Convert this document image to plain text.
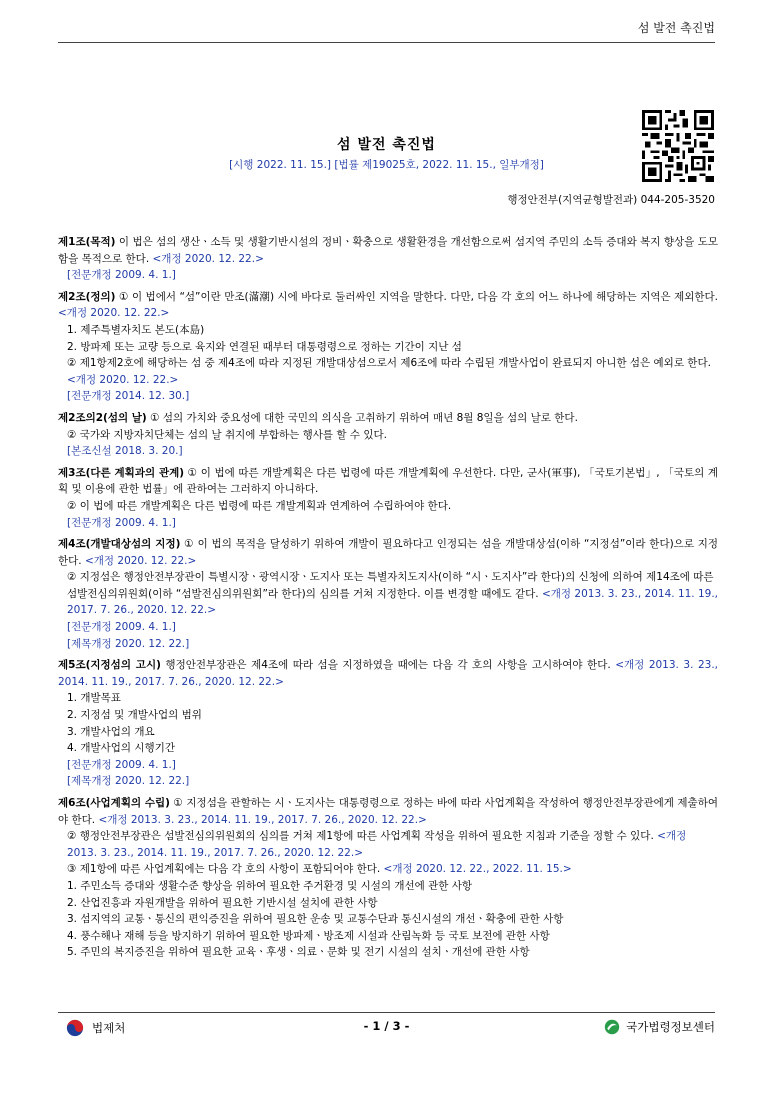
섬 발전 촉진법
섬 발전 촉진법
[시행 2022. 11. 15.] [법률 제19025호, 2022. 11. 15., 일부개정]
행정안전부(지역균형발전과) 044-205-3520

제1조(목적) 이 법은 섬의 생산ㆍ소득 및 생활기반시설의 정비ㆍ확충으로 생활환경을 개선함으로써 섬지역 주민의 소득 증대와 복지 향상을 도모함을 목적으로 한다. <개정 2020. 12. 22.>

[전문개정 2009. 4. 1.]

제2조(정의) ① 이 법에서 “섬”이란 만조(滿潮) 시에 바다로 둘러싸인 지역을 말한다. 다만, 다음 각 호의 어느 하나에 해당하는 지역은 제외한다. <개정 2020. 12. 22.>

1. 제주특별자치도 본도(本島)

2. 방파제 또는 교량 등으로 육지와 연결된 때부터 대통령령으로 정하는 기간이 지난 섬

② 제1항제2호에 해당하는 섬 중 제4조에 따라 지정된 개발대상섬으로서 제6조에 따라 수립된 개발사업이 완료되지 아니한 섬은 예외로 한다. <개정 2020. 12. 22.>

[전문개정 2014. 12. 30.]

제2조의2(섬의 날) ① 섬의 가치와 중요성에 대한 국민의 의식을 고취하기 위하여 매년 8월 8일을 섬의 날로 한다.

② 국가와 지방자치단체는 섬의 날 취지에 부합하는 행사를 할 수 있다.

[본조신설 2018. 3. 20.]

제3조(다른 계획과의 관계) ① 이 법에 따른 개발계획은 다른 법령에 따른 개발계획에 우선한다. 다만, 군사(軍事), 「국토기본법」, 「국토의 계획 및 이용에 관한 법률」에 관하여는 그러하지 아니하다.

② 이 법에 따른 개발계획은 다른 법령에 따른 개발계획과 연계하여 수립하여야 한다.

[전문개정 2009. 4. 1.]

제4조(개발대상섬의 지정) ① 이 법의 목적을 달성하기 위하여 개발이 필요하다고 인정되는 섬을 개발대상섬(이하 “지정섬”이라 한다)으로 지정한다. <개정 2020. 12. 22.>

② 지정섬은 행정안전부장관이 특별시장ㆍ광역시장ㆍ도지사 또는 특별자치도지사(이하 “시ㆍ도지사”라 한다)의 신청에 의하여 제14조에 따른 섬발전심의위원회(이하 “섬발전심의위원회”라 한다)의 심의를 거쳐 지정한다. 이를 변경할 때에도 같다. <개정 2013. 3. 23., 2014. 11. 19., 2017. 7. 26., 2020. 12. 22.>

[전문개정 2009. 4. 1.]

[제목개정 2020. 12. 22.]

제5조(지정섬의 고시) 행정안전부장관은 제4조에 따라 섬을 지정하였을 때에는 다음 각 호의 사항을 고시하여야 한다. <개정 2013. 3. 23., 2014. 11. 19., 2017. 7. 26., 2020. 12. 22.>

1. 개발목표

2. 지정섬 및 개발사업의 범위

3. 개발사업의 개요

4. 개발사업의 시행기간

[전문개정 2009. 4. 1.]

[제목개정 2020. 12. 22.]

제6조(사업계획의 수립) ① 지정섬을 관할하는 시ㆍ도지사는 대통령령으로 정하는 바에 따라 사업계획을 작성하여 행정안전부장관에게 제출하여야 한다. <개정 2013. 3. 23., 2014. 11. 19., 2017. 7. 26., 2020. 12. 22.>

② 행정안전부장관은 섬발전심의위원회의 심의를 거쳐 제1항에 따른 사업계획 작성을 위하여 필요한 지침과 기준을 정할 수 있다. <개정 2013. 3. 23., 2014. 11. 19., 2017. 7. 26., 2020. 12. 22.>

③ 제1항에 따른 사업계획에는 다음 각 호의 사항이 포함되어야 한다. <개정 2020. 12. 22., 2022. 11. 15.>

1. 주민소득 증대와 생활수준 향상을 위하여 필요한 주거환경 및 시설의 개선에 관한 사항

2. 산업진흥과 자원개발을 위하여 필요한 기반시설 설치에 관한 사항

3. 섬지역의 교통ㆍ통신의 편익증진을 위하여 필요한 운송 및 교통수단과 통신시설의 개선ㆍ확충에 관한 사항

4. 풍수해나 재해 등을 방지하기 위하여 필요한 방파제ㆍ방조제 시설과 산림녹화 등 국토 보전에 관한 사항

5. 주민의 복지증진을 위하여 필요한 교육ㆍ후생ㆍ의료ㆍ문화 및 전기 시설의 설치ㆍ개선에 관한 사항

법제처	- 1 / 3 -	국가법령정보센터
